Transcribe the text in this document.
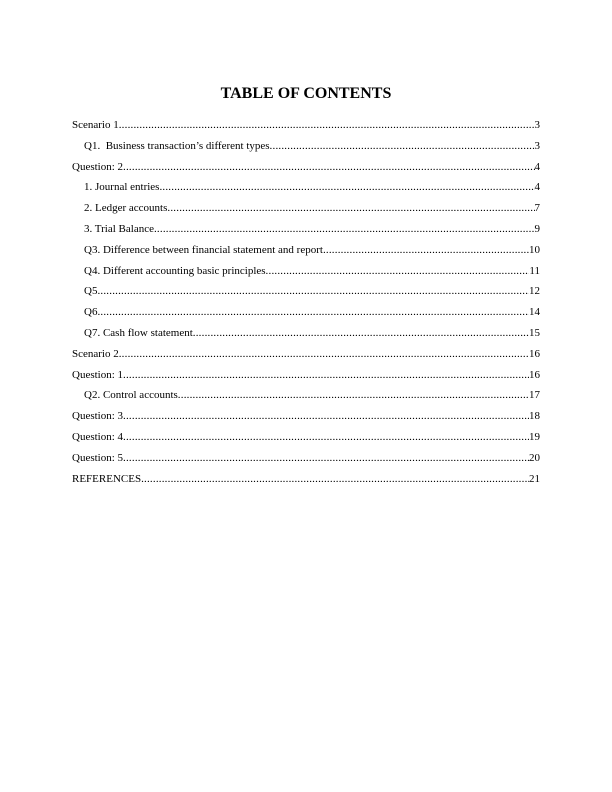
TABLE OF CONTENTS
Scenario 1 .....	3
Q1.  Business transaction’s different types .....	3
Question: 2 .....	4
1. Journal entries .....	4
2. Ledger accounts .....	7
3. Trial Balance .....	9
Q3. Difference between financial statement and report .....	10
Q4. Different accounting basic principles .....	11
Q5 .....	12
Q6 .....	14
Q7. Cash flow statement .....	15
Scenario 2 .....	16
Question: 1 .....	16
Q2. Control accounts .....	17
Question: 3 .....	18
Question: 4 .....	19
Question: 5 .....	20
REFERENCES .....	21
